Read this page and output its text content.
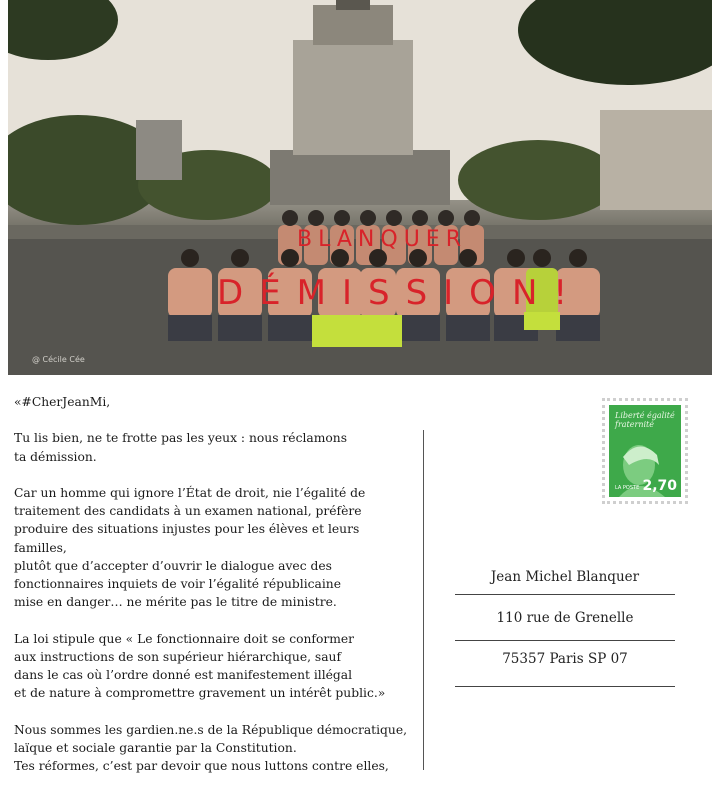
BLANQUER
DÉMISSION!
@ Cécile Cée

«#CherJeanMi,

Tu lis bien, ne te frotte pas les yeux : nous réclamons
ta démission.

Car un homme qui ignore l’État de droit, nie l’égalité de
traitement des candidats à un examen national, préfère
produire des situations injustes pour les élèves et leurs familles,
plutôt que d’accepter d’ouvrir le dialogue avec des
fonctionnaires inquiets de voir l’égalité républicaine
mise en danger… ne mérite pas le titre de ministre.

La loi stipule que « Le fonctionnaire doit se conformer
aux instructions de son supérieur hiérarchique, sauf
dans le cas où l’ordre donné est manifestement illégal
et de nature à compromettre gravement un intérêt public.»

Nous sommes les gardien.ne.s de la République démocratique,
laïque et sociale garantie par la Constitution.
Tes réformes, c’est par devoir que nous luttons contre elles,

Liberté égalité fraternité
LA POSTE 2,70
Jean Michel Blanquer
110 rue de Grenelle
75357 Paris SP 07
